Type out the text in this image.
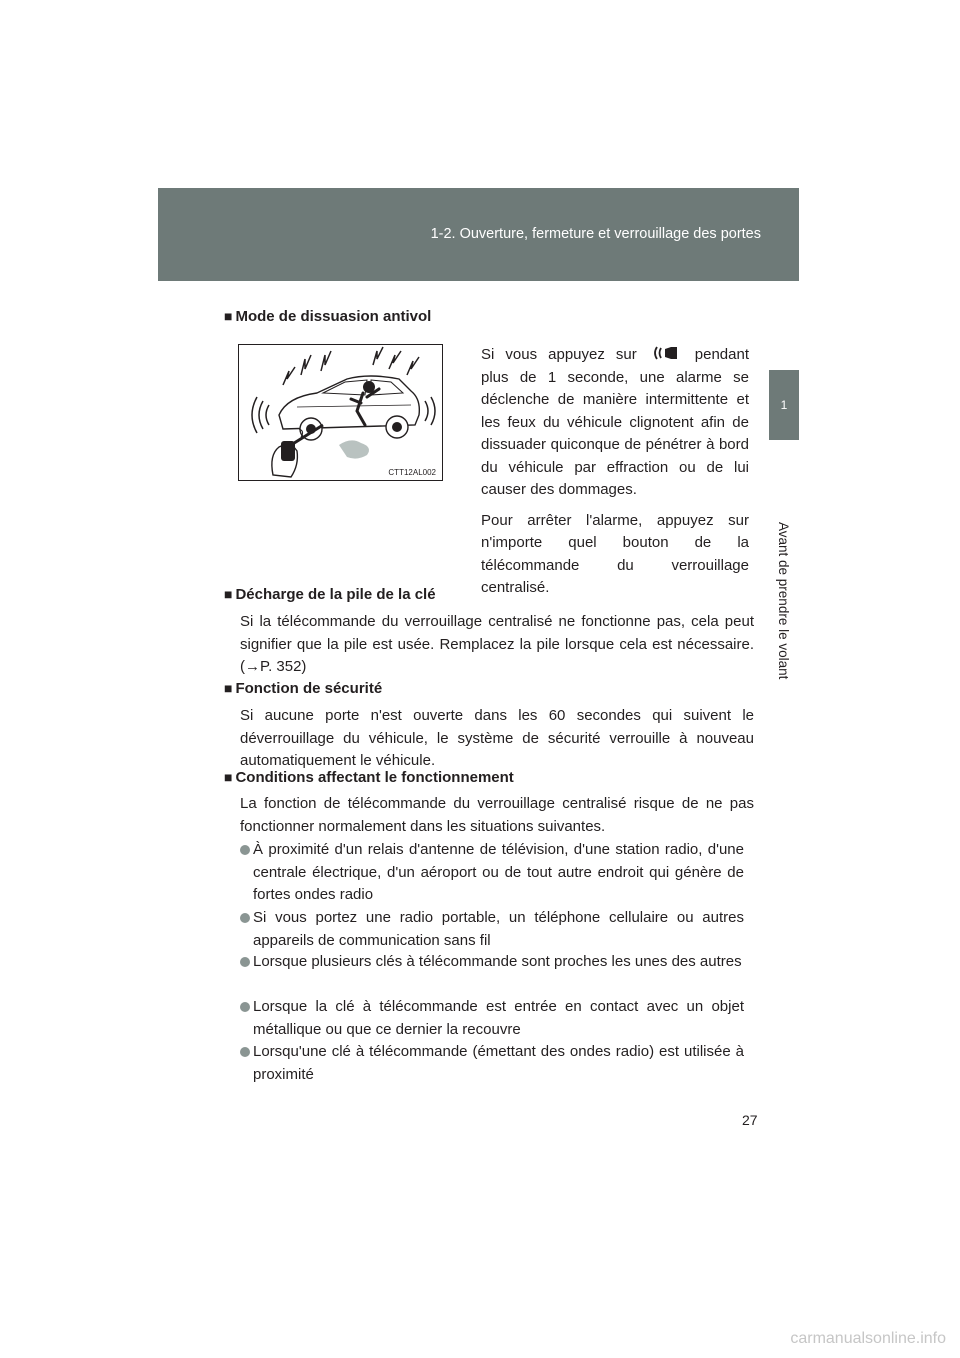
1-2. Ouverture, fermeture et verrouillage des portes
1
Avant de prendre le volant
■ Mode de dissuasion antivol
CTT12AL002

Si vous appuyez sur	pendant plus de 1 seconde, une alarme se déclenche de manière intermittente et les feux du véhicule clignotent afin de dissuader quiconque de pénétrer à bord du véhicule par effraction ou de lui causer des dommages.

Pour arrêter l'alarme, appuyez sur n'importe quel bouton de la télécommande du verrouillage centralisé.

■ Décharge de la pile de la clé
Si la télécommande du verrouillage centralisé ne fonctionne pas, cela peut signifier que la pile est usée. Remplacez la pile lorsque cela est nécessaire. (→P. 352)
■ Fonction de sécurité
Si aucune porte n'est ouverte dans les 60 secondes qui suivent le déverrouillage du véhicule, le système de sécurité verrouille à nouveau automatiquement le véhicule.
■ Conditions affectant le fonctionnement
La fonction de télécommande du verrouillage centralisé risque de ne pas fonctionner normalement dans les situations suivantes.
À proximité d'un relais d'antenne de télévision, d'une station radio, d'une centrale électrique, d'un aéroport ou de tout autre endroit qui génère de fortes ondes radio
Si vous portez une radio portable, un téléphone cellulaire ou autres appareils de communication sans fil
Lorsque plusieurs clés à télécommande sont proches les unes des autres
Lorsque la clé à télécommande est entrée en contact avec un objet métallique ou que ce dernier la recouvre
Lorsqu'une clé à télécommande (émettant des ondes radio) est utilisée à proximité
27
carmanualsonline.info
